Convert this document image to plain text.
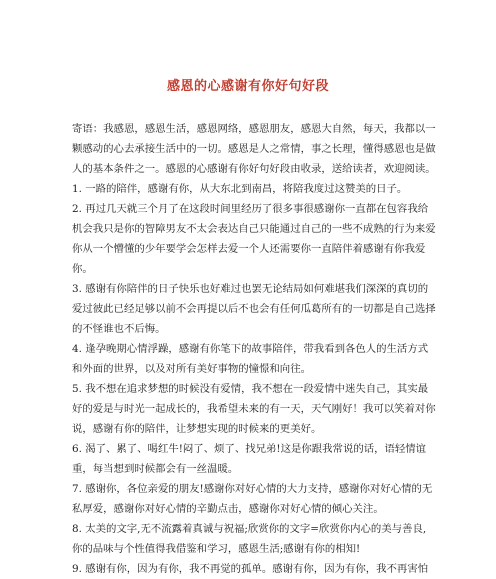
感恩的心感谢有你好句好段

寄语：我感恩，感恩生活，感恩网络，感恩朋友，感恩大自然，每天，我都以一颗感动的心去承接生活中的一切。感恩是人之常情，事之长理，懂得感恩也是做人的基本条件之一。感恩的心感谢有你好句好段由收录，送给读者，欢迎阅读。

1. 一路的陪伴，感谢有你，从大东北到南昌，将陪我度过这赞美的日子。

2. 再过几天就三个月了在这段时间里经历了很多事很感谢你一直都在包容我给机会我只是你的智障男友不太会表达自己只能通过自己的一些不成熟的行为来爱你从一个懵懂的少年要学会怎样去爱一个人还需要你一直陪伴着感谢有你我爱你。

3. 感谢有你陪伴的日子快乐也好难过也罢无论结局如何难堪我们深深的真切的爱过彼此已经足够以前不会再提以后不也会有任何瓜葛所有的一切都是自己选择的不怪谁也不后悔。

4. 逢孕晚期心情浮躁，感谢有你笔下的故事陪伴，带我看到各色人的生活方式和外面的世界，以及对所有美好事物的憧憬和向往。

5. 我不想在追求梦想的时候没有爱情，我不想在一段爱情中迷失自己，其实最好的爱是与时光一起成长的，我希望未来的有一天，天气刚好！我可以笑着对你说，感谢有你的陪伴，让梦想实现的时候来的更美好。

6. 渴了、累了、喝红牛!闷了、烦了、找兄弟!这是你跟我常说的话，语轻情谊重，每当想到时候都会有一丝温暖。

7. 感谢你，各位亲爱的朋友!感谢你对好心情的大力支持，感谢你对好心情的无私厚爱，感谢你对好心情的辛勤点击，感谢你对好心情的倾心关注。

8. 太美的文字,无不流露着真诚与祝福;欣赏你的文字=欣赏你内心的美与善良,你的品味与个性值得我借鉴和学习，感恩生活;感谢有你的相知!

9. 感谢有你，因为有你，我不再觉的孤单。感谢有你，因为有你，我不再害怕
